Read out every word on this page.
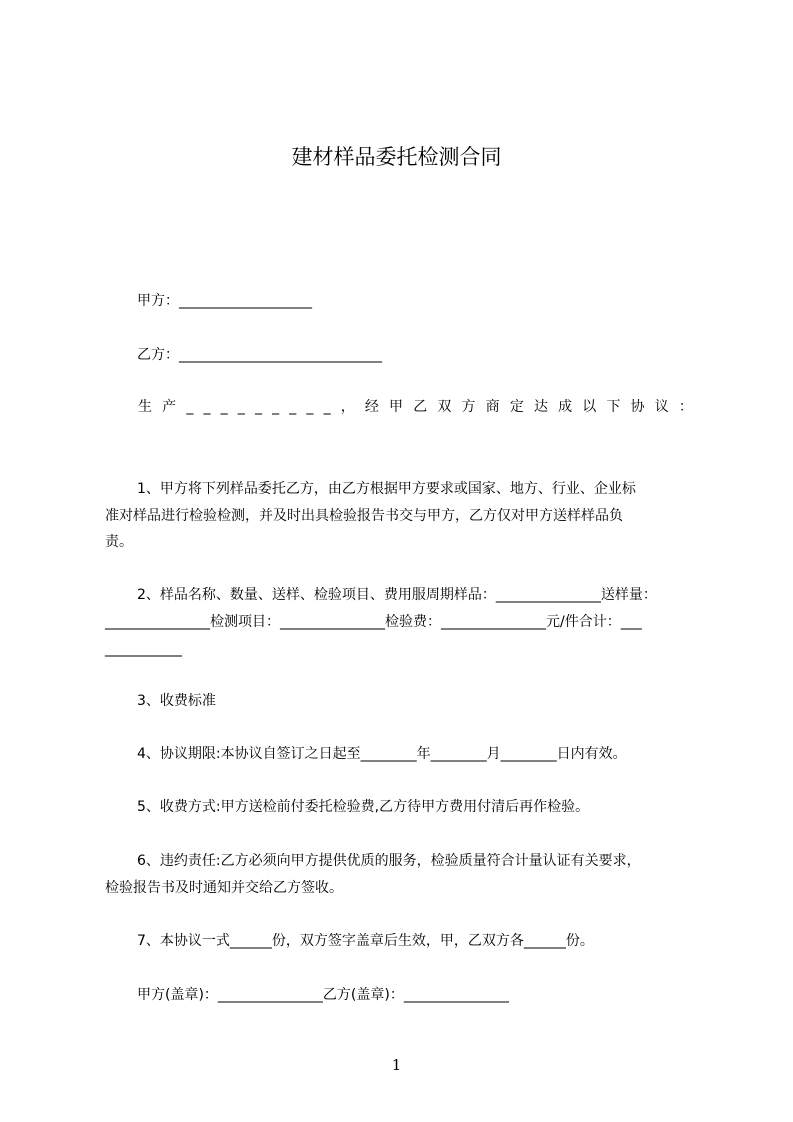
建材样品委托检测合同
甲方：___________________
乙方：_____________________________
生 产 _ _ _ _ _ _ _ _ _ ， 经 甲 乙 双 方 商 定 达 成 以 下 协 议 ：
1、甲方将下列样品委托乙方，由乙方根据甲方要求或国家、地方、行业、企业标
准对样品进行检验检测，并及时出具检验报告书交与甲方，乙方仅对甲方送样样品负
责。
2、样品名称、数量、送样、检验项目、费用服周期样品：_______________送样量：
_______________检测项目：_______________检验费：_______________元/件合计：___
___________
3、收费标准
4、协议期限:本协议自签订之日起至________年________月________日内有效。
5、收费方式:甲方送检前付委托检验费,乙方待甲方费用付清后再作检验。
6、违约责任:乙方必须向甲方提供优质的服务，检验质量符合计量认证有关要求，
检验报告书及时通知并交给乙方签收。
7、本协议一式______份，双方签字盖章后生效，甲，乙双方各______份。
甲方(盖章)：_______________乙方(盖章)：_______________
1
